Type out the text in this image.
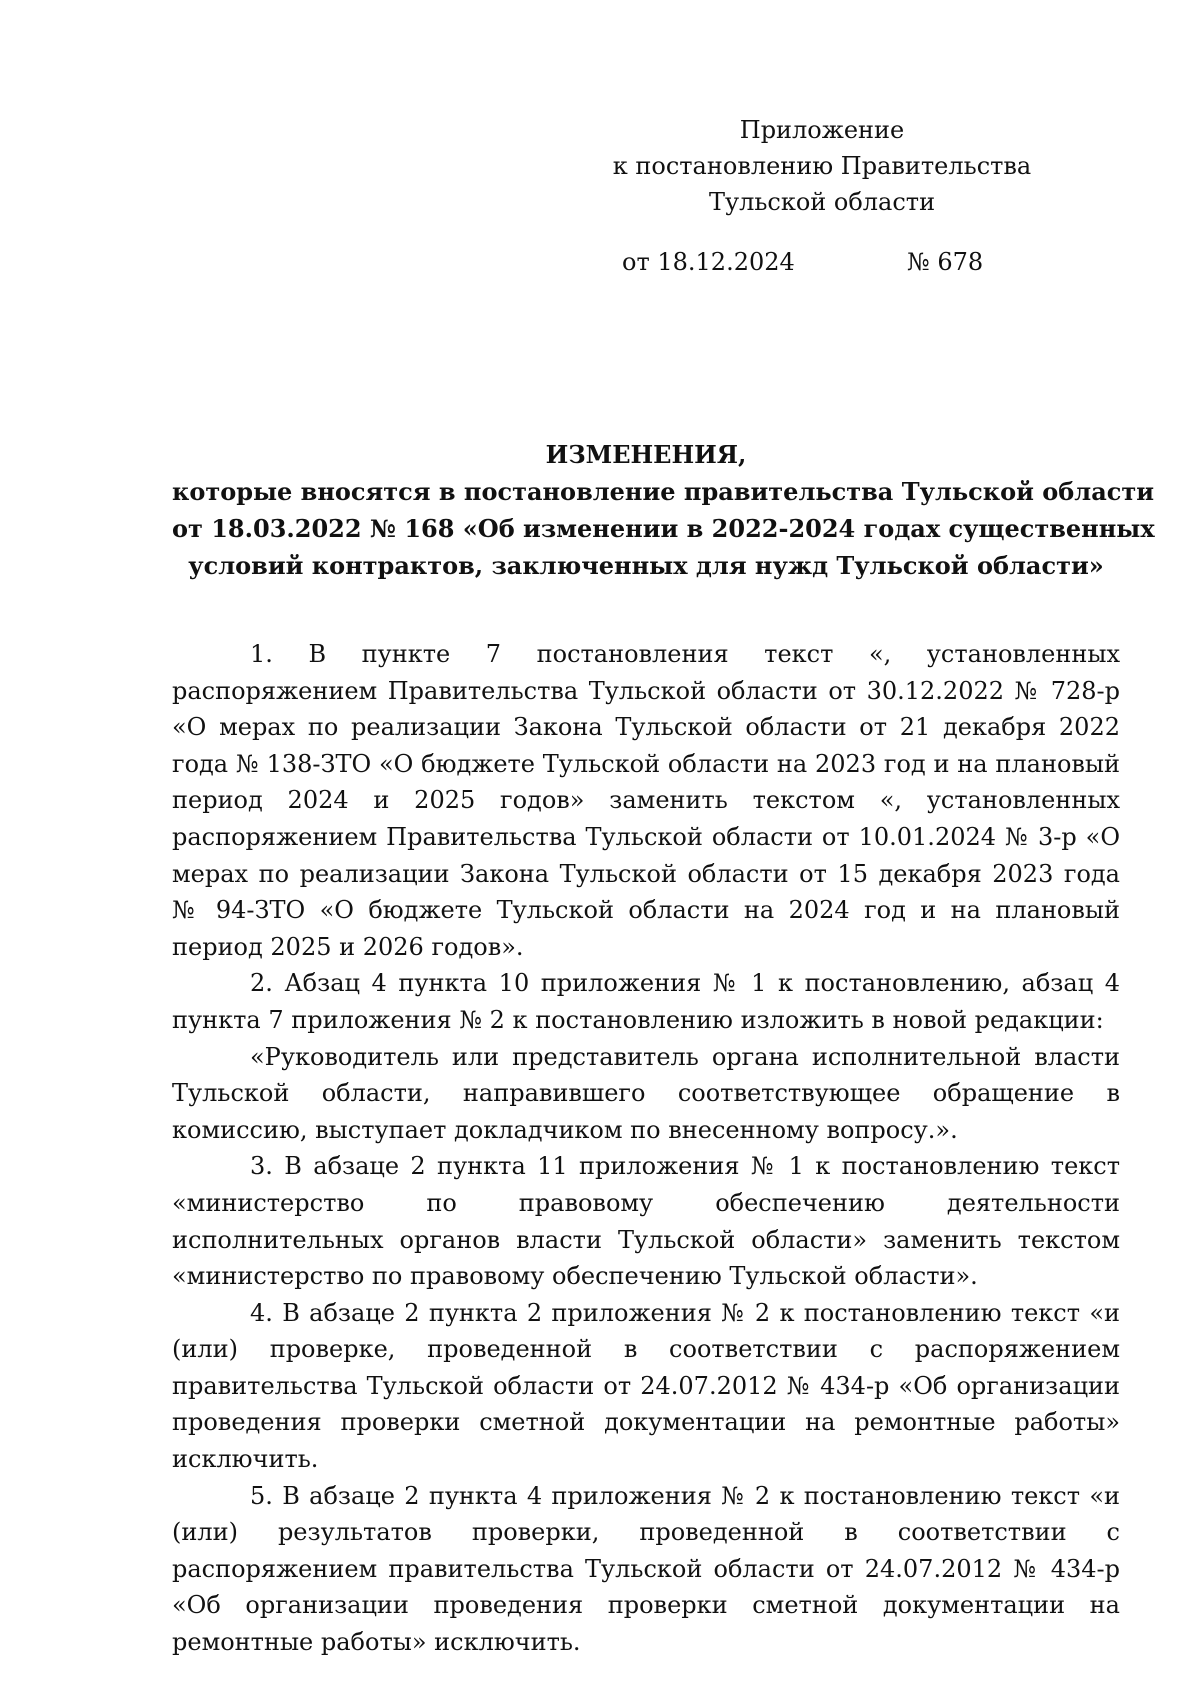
Приложение
к постановлению Правительства
Тульской области
от 18.12.2024	№ 678
ИЗМЕНЕНИЯ,
которые вносятся в постановление правительства Тульской области
от 18.03.2022 № 168 «Об изменении в 2022-2024 годах существенных
условий контрактов, заключенных для нужд Тульской области»

1. В пункте 7 постановления текст «, установленных распоряжением Правительства Тульской области от 30.12.2022 № 728-р «О мерах по реализации Закона Тульской области от 21 декабря 2022 года № 138-ЗТО «О бюджете Тульской области на 2023 год и на плановый период 2024 и 2025 годов» заменить текстом «, установленных распоряжением Правительства Тульской области от 10.01.2024 № 3-р «О мерах по реализации Закона Тульской области от 15 декабря 2023 года № 94-ЗТО «О бюджете Тульской области на 2024 год и на плановый период 2025 и 2026 годов».

2. Абзац 4 пункта 10 приложения № 1 к постановлению, абзац 4 пункта 7 приложения № 2 к постановлению изложить в новой редакции:

«Руководитель или представитель органа исполнительной власти Тульской области, направившего соответствующее обращение в комиссию, выступает докладчиком по внесенному вопросу.».

3. В абзаце 2 пункта 11 приложения № 1 к постановлению текст «министерство по правовому обеспечению деятельности исполнительных органов власти Тульской области» заменить текстом «министерство по правовому обеспечению Тульской области».

4. В абзаце 2 пункта 2 приложения № 2 к постановлению текст «и (или) проверке, проведенной в соответствии с распоряжением правительства Тульской области от 24.07.2012 № 434-р «Об организации проведения проверки сметной документации на ремонтные работы» исключить.

5. В абзаце 2 пункта 4 приложения № 2 к постановлению текст «и (или) результатов проверки, проведенной в соответствии с распоряжением правительства Тульской области от 24.07.2012 № 434-р «Об организации проведения проверки сметной документации на ремонтные работы» исключить.
